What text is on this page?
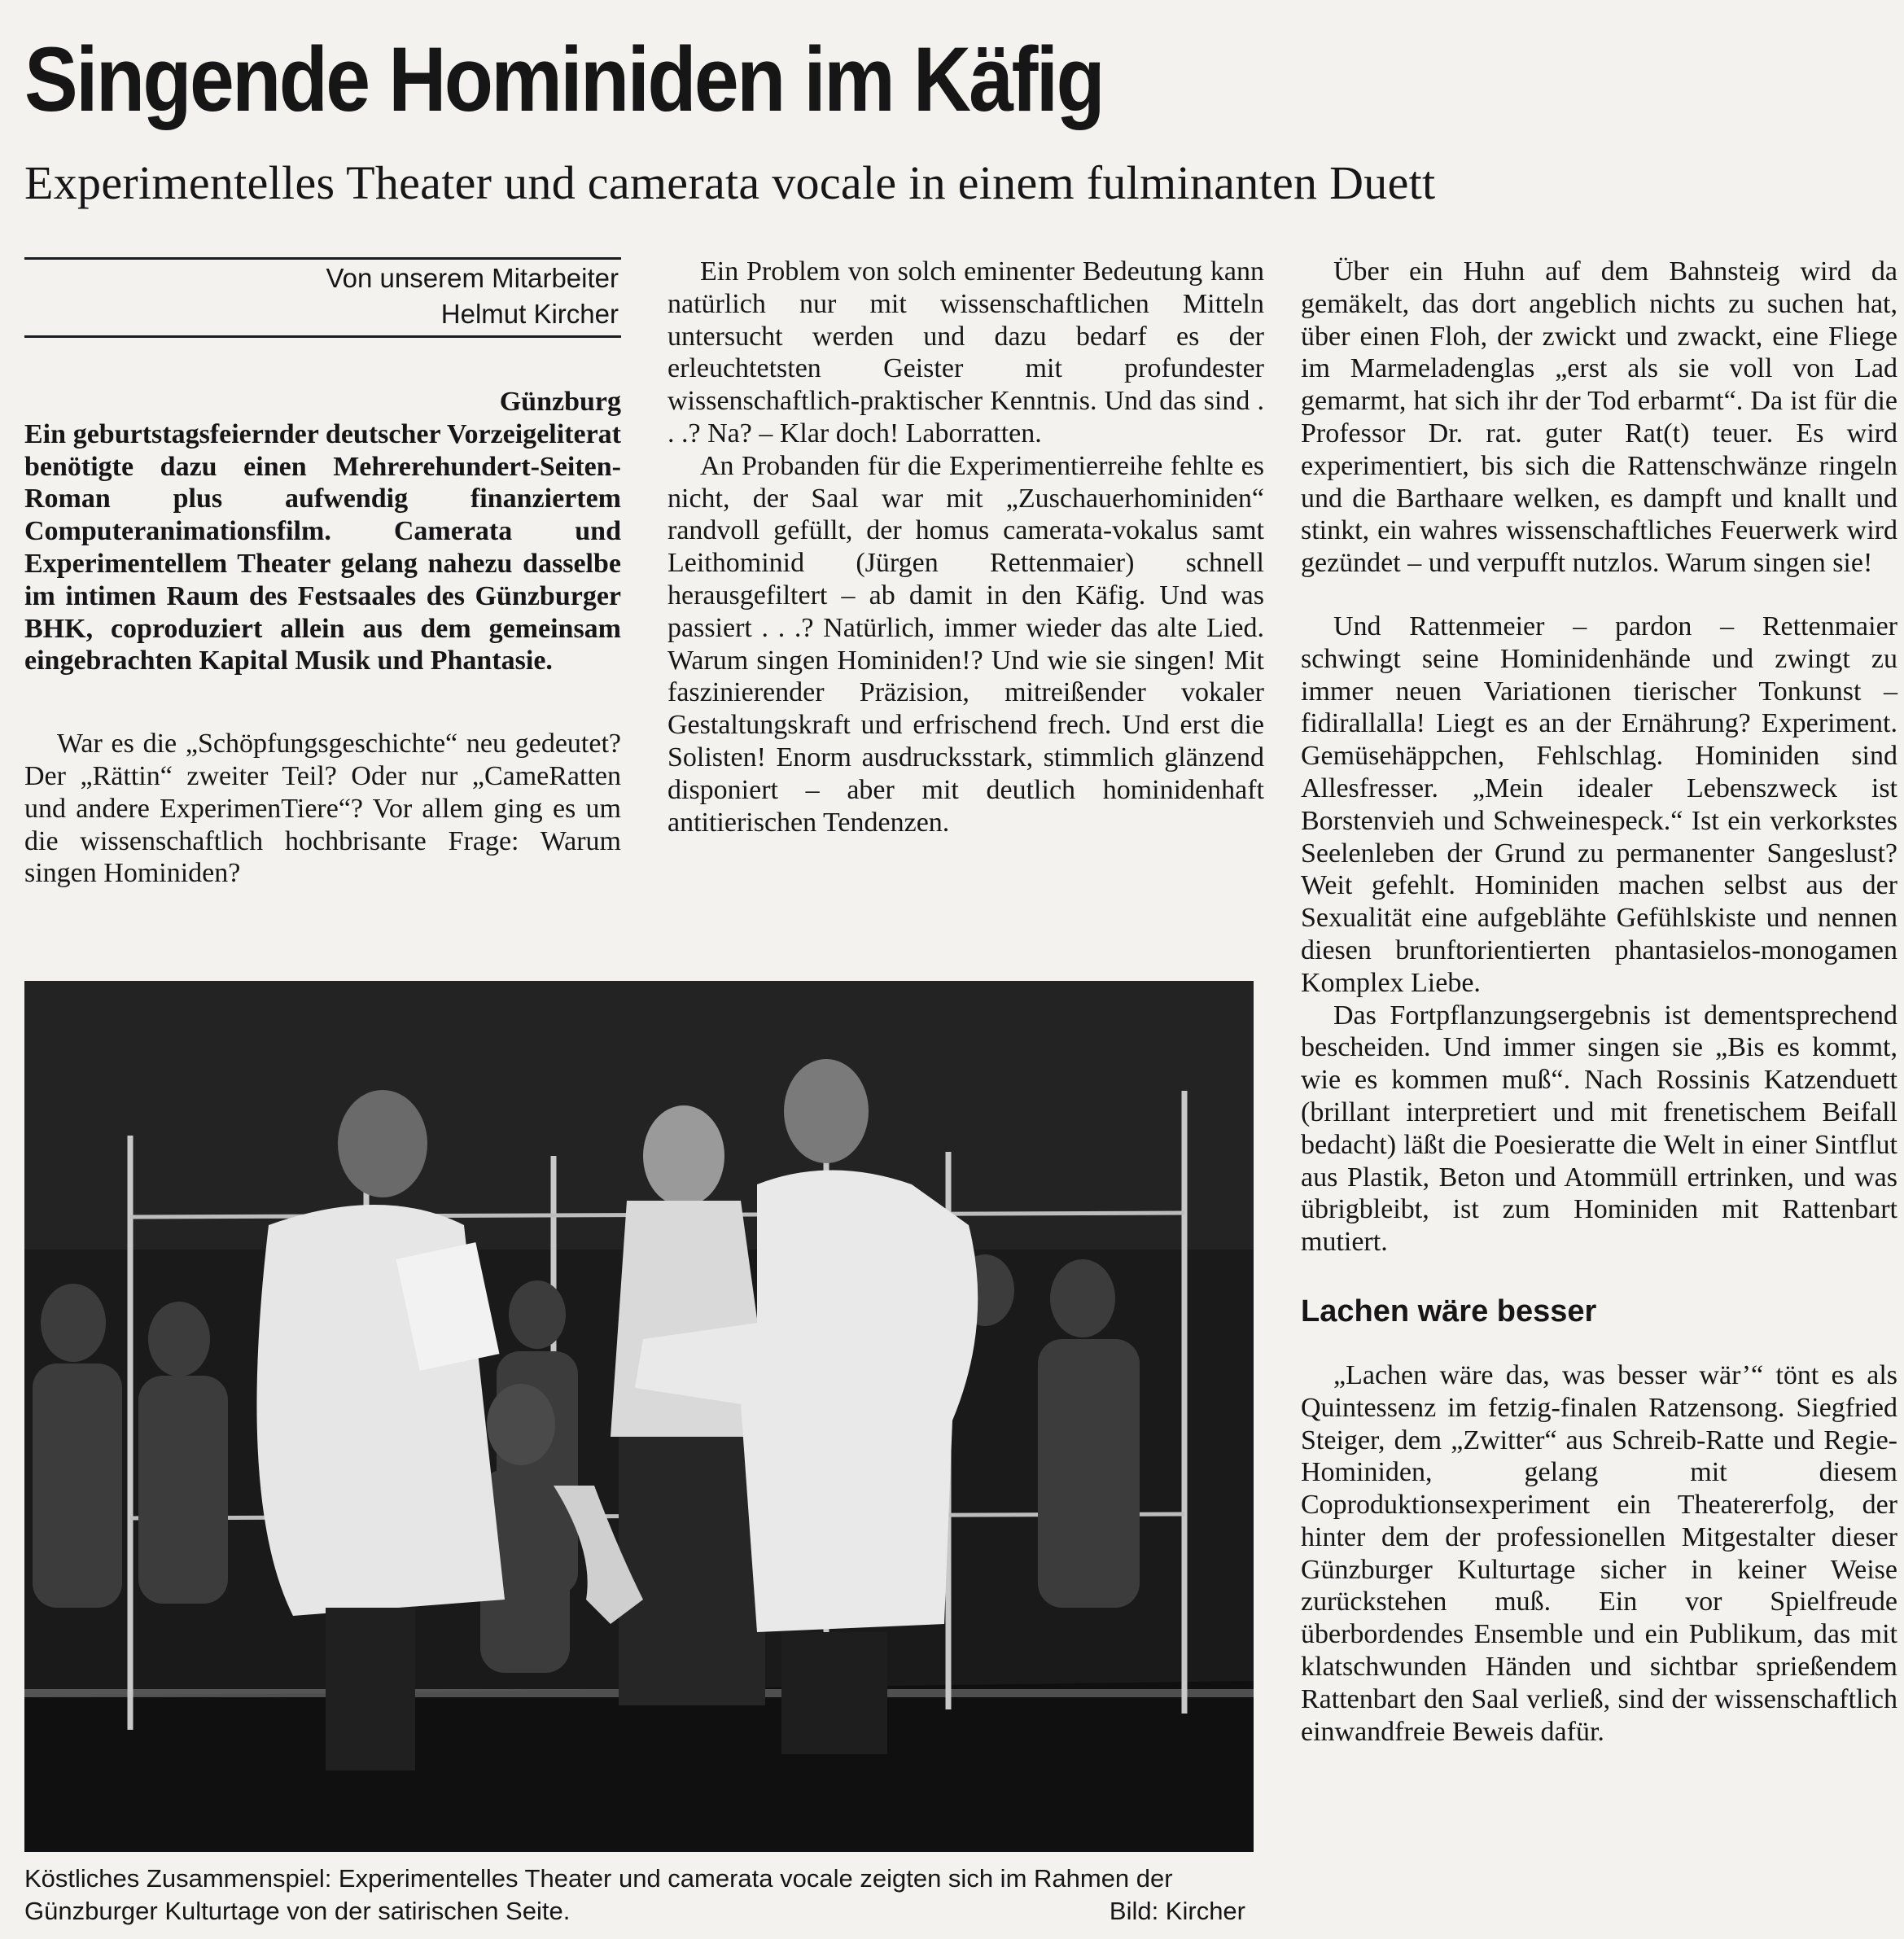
Singende Hominiden im Käfig
Experimentelles Theater und camerata vocale in einem fulminanten Duett
Von unserem Mitarbeiter
Helmut Kircher

Günzburg

Ein geburtstagsfeiernder deutscher Vorzeigeliterat benötigte dazu einen Mehrerehundert-Seiten-Roman plus aufwendig finanziertem Computeranimationsfilm. Camerata und Experimentellem Theater gelang nahezu dasselbe im intimen Raum des Festsaales des Günzburger BHK, coproduziert allein aus dem gemeinsam eingebrachten Kapital Musik und Phantasie.

War es die „Schöpfungsgeschichte“ neu gedeutet? Der „Rättin“ zweiter Teil? Oder nur „CameRatten und andere ExperimenTiere“? Vor allem ging es um die wissenschaftlich hochbrisante Frage: Warum singen Hominiden?

Ein Problem von solch eminenter Bedeutung kann natürlich nur mit wissenschaftlichen Mitteln untersucht werden und dazu bedarf es der erleuchtetsten Geister mit profundester wissenschaftlich-praktischer Kenntnis. Und das sind . . .? Na? – Klar doch! Laborratten.

An Probanden für die Experimentierreihe fehlte es nicht, der Saal war mit „Zuschauerhominiden“ randvoll gefüllt, der homus camerata-vokalus samt Leithominid (Jürgen Rettenmaier) schnell herausgefiltert – ab damit in den Käfig. Und was passiert . . .? Natürlich, immer wieder das alte Lied. Warum singen Hominiden!? Und wie sie singen! Mit faszinierender Präzision, mitreißender vokaler Gestaltungskraft und erfrischend frech. Und erst die Solisten! Enorm ausdrucksstark, stimmlich glänzend disponiert – aber mit deutlich hominidenhaft antitierischen Tendenzen.

Über ein Huhn auf dem Bahnsteig wird da gemäkelt, das dort angeblich nichts zu suchen hat, über einen Floh, der zwickt und zwackt, eine Fliege im Marmeladenglas „erst als sie voll von Lad gemarmt, hat sich ihr der Tod erbarmt“. Da ist für die Professor Dr. rat. guter Rat(t) teuer. Es wird experimentiert, bis sich die Rattenschwänze ringeln und die Barthaare welken, es dampft und knallt und stinkt, ein wahres wissenschaftliches Feuerwerk wird gezündet – und verpufft nutzlos. Warum singen sie!

Und Rattenmeier – pardon – Rettenmaier schwingt seine Hominidenhände und zwingt zu immer neuen Variationen tierischer Tonkunst – fidirallalla! Liegt es an der Ernährung? Experiment. Gemüsehäppchen, Fehlschlag. Hominiden sind Allesfresser. „Mein idealer Lebenszweck ist Borstenvieh und Schweinespeck.“ Ist ein verkorkstes Seelenleben der Grund zu permanenter Sangeslust? Weit gefehlt. Hominiden machen selbst aus der Sexualität eine aufgeblähte Gefühlskiste und nennen diesen brunftorientierten phantasielos-monogamen Komplex Liebe.

Das Fortpflanzungsergebnis ist dementsprechend bescheiden. Und immer singen sie „Bis es kommt, wie es kommen muß“. Nach Rossinis Katzenduett (brillant interpretiert und mit frenetischem Beifall bedacht) läßt die Poesieratte die Welt in einer Sintflut aus Plastik, Beton und Atommüll ertrinken, und was übrigbleibt, ist zum Hominiden mit Rattenbart mutiert.

Lachen wäre besser

„Lachen wäre das, was besser wär’“ tönt es als Quintessenz im fetzig-finalen Ratzensong. Siegfried Steiger, dem „Zwitter“ aus Schreib-Ratte und Regie-Hominiden, gelang mit diesem Coproduktionsexperiment ein Theatererfolg, der hinter dem der professionellen Mitgestalter dieser Günzburger Kulturtage sicher in keiner Weise zurückstehen muß. Ein vor Spielfreude überbordendes Ensemble und ein Publikum, das mit klatschwunden Händen und sichtbar sprießendem Rattenbart den Saal verließ, sind der wissenschaftlich einwandfreie Beweis dafür.

Köstliches Zusammenspiel: Experimentelles Theater und camerata vocale zeigten sich im Rahmen der Günzburger Kulturtage von der satirischen Seite.	Bild: Kircher
